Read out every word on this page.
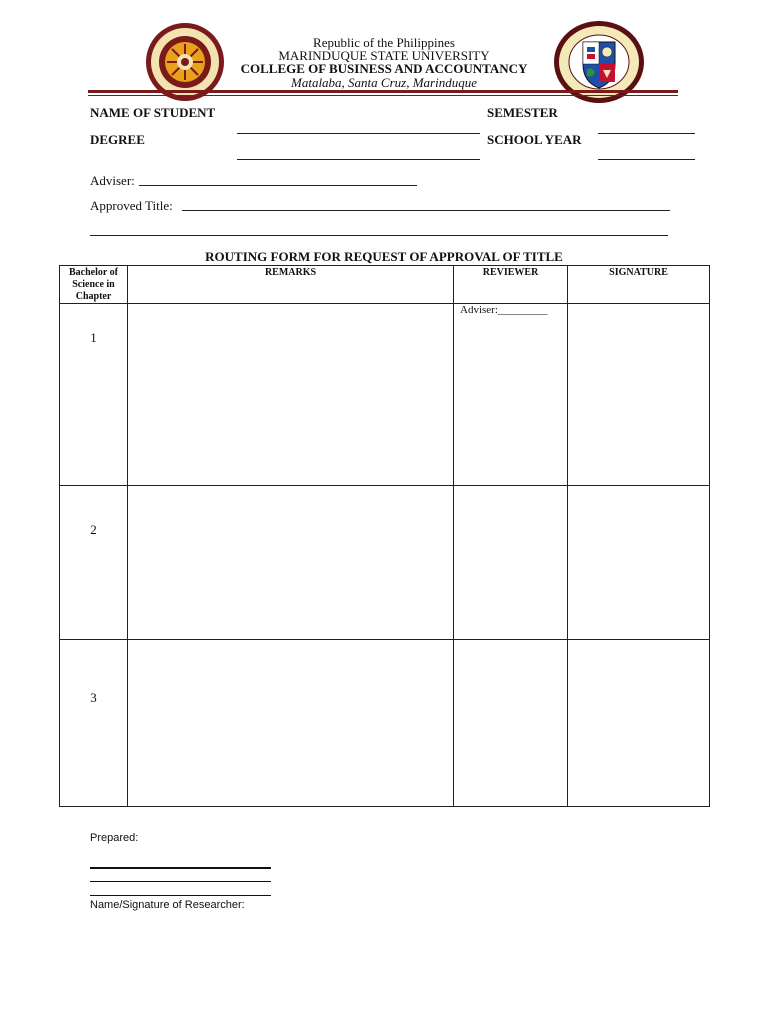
Republic of the Philippines
MARINDUQUE STATE UNIVERSITY
COLLEGE OF BUSINESS AND ACCOUNTANCY
Matalaba, Santa Cruz, Marinduque
NAME OF STUDENT	SEMESTER
DEGREE	SCHOOL YEAR
Adviser:
Approved Title:
ROUTING FORM FOR REQUEST OF APPROVAL OF TITLE
Bachelor of Science in Chapter	REMARKS	REVIEWER	SIGNATURE
1		Adviser:_________	
2			
3			
Prepared:
Name/Signature of Researcher:
